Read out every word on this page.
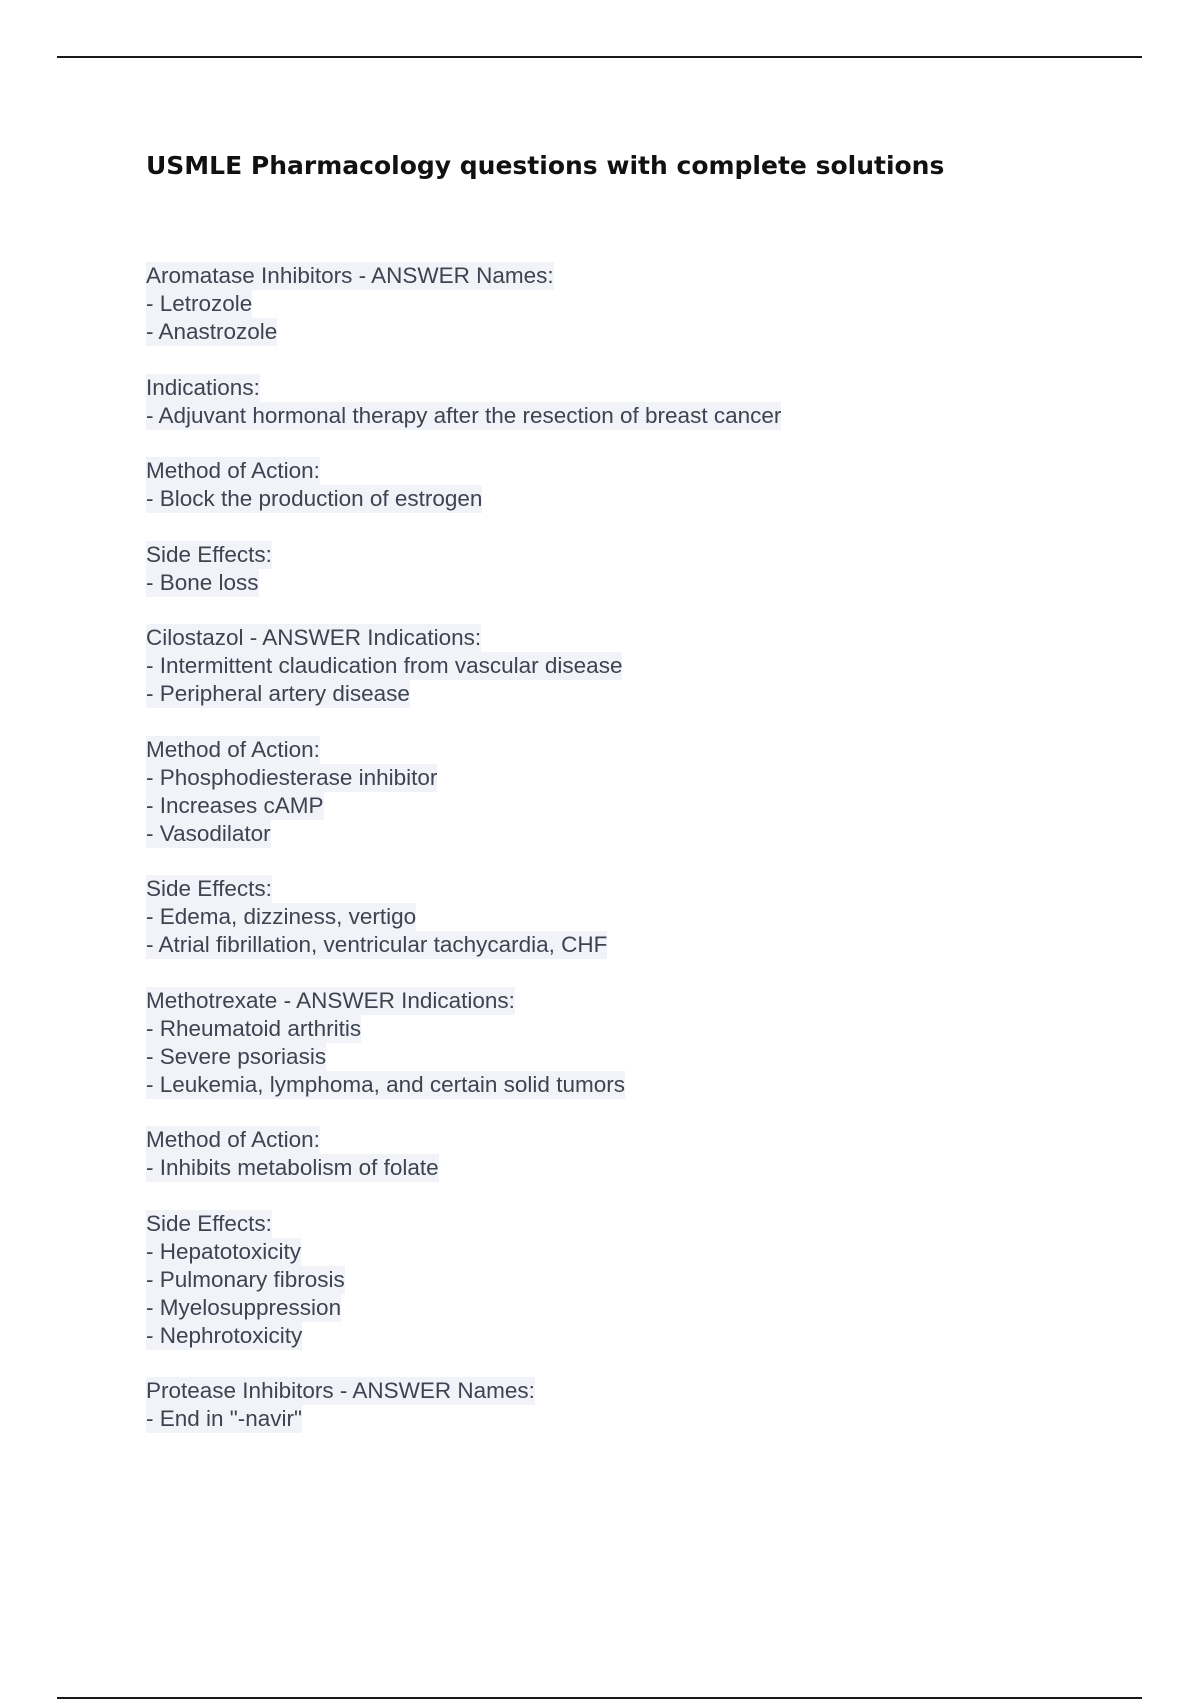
USMLE Pharmacology questions with complete solutions
Aromatase Inhibitors - ANSWER Names:
- Letrozole
- Anastrozole
Indications:
- Adjuvant hormonal therapy after the resection of breast cancer
Method of Action:
- Block the production of estrogen
Side Effects:
- Bone loss
Cilostazol - ANSWER Indications:
- Intermittent claudication from vascular disease
- Peripheral artery disease
Method of Action:
- Phosphodiesterase inhibitor
- Increases cAMP
- Vasodilator
Side Effects:
- Edema, dizziness, vertigo
- Atrial fibrillation, ventricular tachycardia, CHF
Methotrexate - ANSWER Indications:
- Rheumatoid arthritis
- Severe psoriasis
- Leukemia, lymphoma, and certain solid tumors
Method of Action:
- Inhibits metabolism of folate
Side Effects:
- Hepatotoxicity
- Pulmonary fibrosis
- Myelosuppression
- Nephrotoxicity
Protease Inhibitors - ANSWER Names:
- End in "-navir"
